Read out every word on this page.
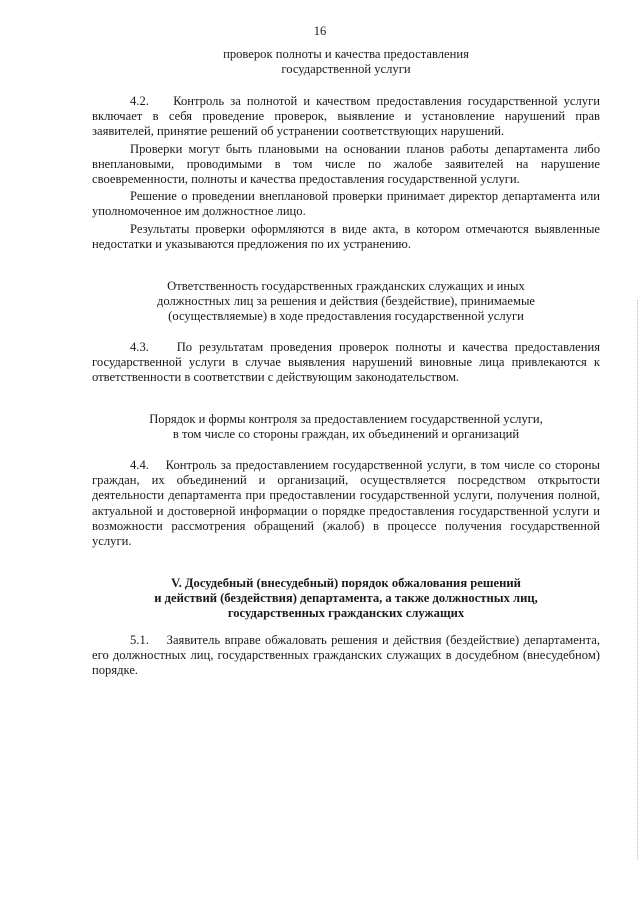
16
проверок полноты и качества предоставления
государственной услуги

4.2.    Контроль за полнотой и качеством предоставления государственной услуги включает в себя проведение проверок, выявление и установление нарушений прав заявителей, принятие решений об устранении соответствующих нарушений.

Проверки могут быть плановыми на основании планов работы департамента либо внеплановыми, проводимыми в том числе по жалобе заявителей на нарушение своевременности, полноты и качества предоставления государственной услуги.

Решение о проведении внеплановой проверки принимает директор департамента или уполномоченное им должностное лицо.

Результаты проверки оформляются в виде акта, в котором отмечаются выявленные недостатки и указываются предложения по их устранению.

Ответственность государственных гражданских служащих и иных
должностных лиц за решения и действия (бездействие), принимаемые
(осуществляемые) в ходе предоставления государственной услуги

4.3.    По результатам проведения проверок полноты и качества предоставления государственной услуги в случае выявления нарушений виновные лица привлекаются к ответственности в соответствии с действующим законодательством.

Порядок и формы контроля за предоставлением государственной услуги,
в том числе со стороны граждан, их объединений и организаций

4.4.    Контроль за предоставлением государственной услуги, в том числе со стороны граждан, их объединений и организаций, осуществляется посредством открытости деятельности департамента при предоставлении государственной услуги, получения полной, актуальной и достоверной информации о порядке предоставления государственной услуги и возможности рассмотрения обращений (жалоб) в процессе получения государственной услуги.

V. Досудебный (внесудебный) порядок обжалования решений
и действий (бездействия) департамента, а также должностных лиц,
государственных гражданских служащих

5.1.    Заявитель вправе обжаловать решения и действия (бездействие) департамента, его должностных лиц, государственных гражданских служащих в досудебном (внесудебном) порядке.
